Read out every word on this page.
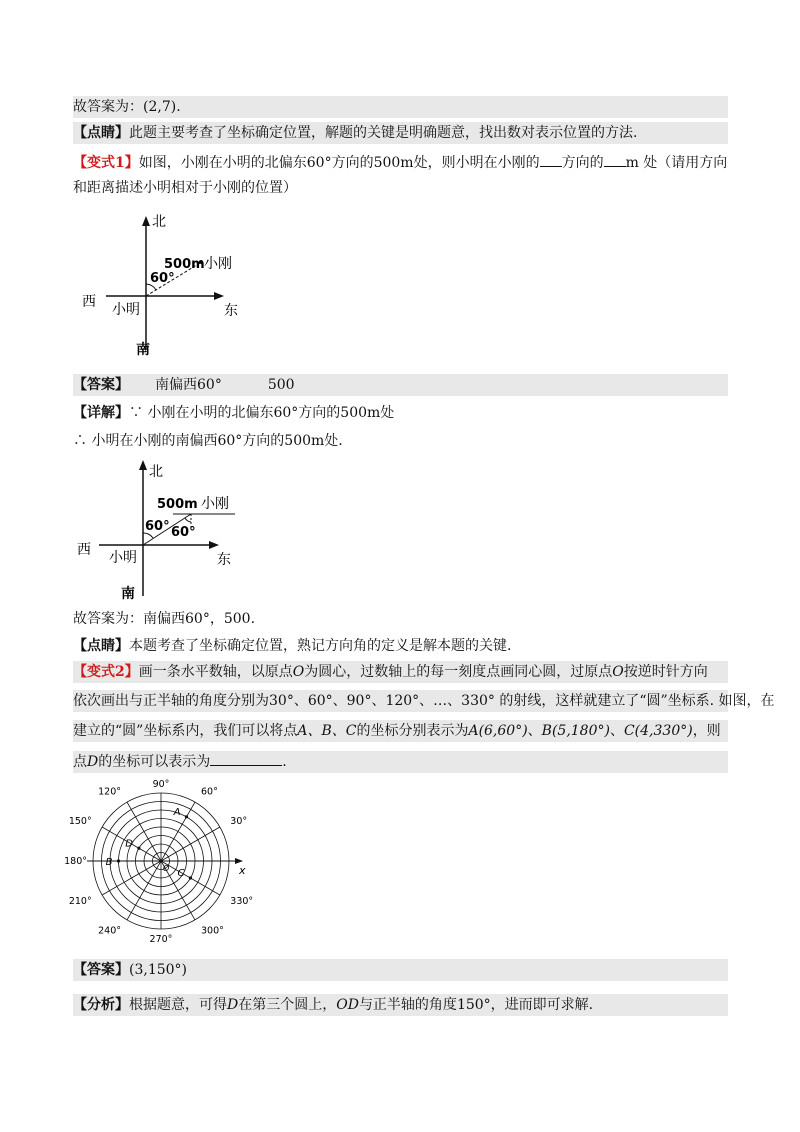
故答案为：(2,7).
【点睛】此题主要考查了坐标确定位置，解题的关键是明确题意，找出数对表示位置的方法.
【变式1】如图，小刚在小明的北偏东60°方向的500m处，则小明在小刚的 方向的 m 处（请用方向
和距离描述小明相对于小刚的位置）
北
南
西
东
小明
小刚
500m
60°
【答案】 南偏西60°	500
【详解】∵ 小刚在小明的北偏东60°方向的500m处
∴ 小明在小刚的南偏西60°方向的500m处.
北
南
西
东
小明
小刚
500m
60° 60°
故答案为：南偏西60°，500.
【点睛】本题考查了坐标确定位置，熟记方向角的定义是解本题的关键.
【变式2】画一条水平数轴，以原点O为圆心，过数轴上的每一刻度点画同心圆，过原点O按逆时针方向
依次画出与正半轴的角度分别为30°、60°、90°、120°、…、330° 的射线，这样就建立了“圆”坐标系. 如图，在
建立的“圆”坐标系内，我们可以将点A、B、C的坐标分别表示为A(6,60°)、B(5,180°)、C(4,330°)，则
点D的坐标可以表示为	.
x
30°
60°
90°
120°
150°
180°
210°
240°
270°
300°
330°
A
B
C
D
O
【答案】(3,150°)
【分析】根据题意，可得D在第三个圆上，OD与正半轴的角度150°，进而即可求解.
